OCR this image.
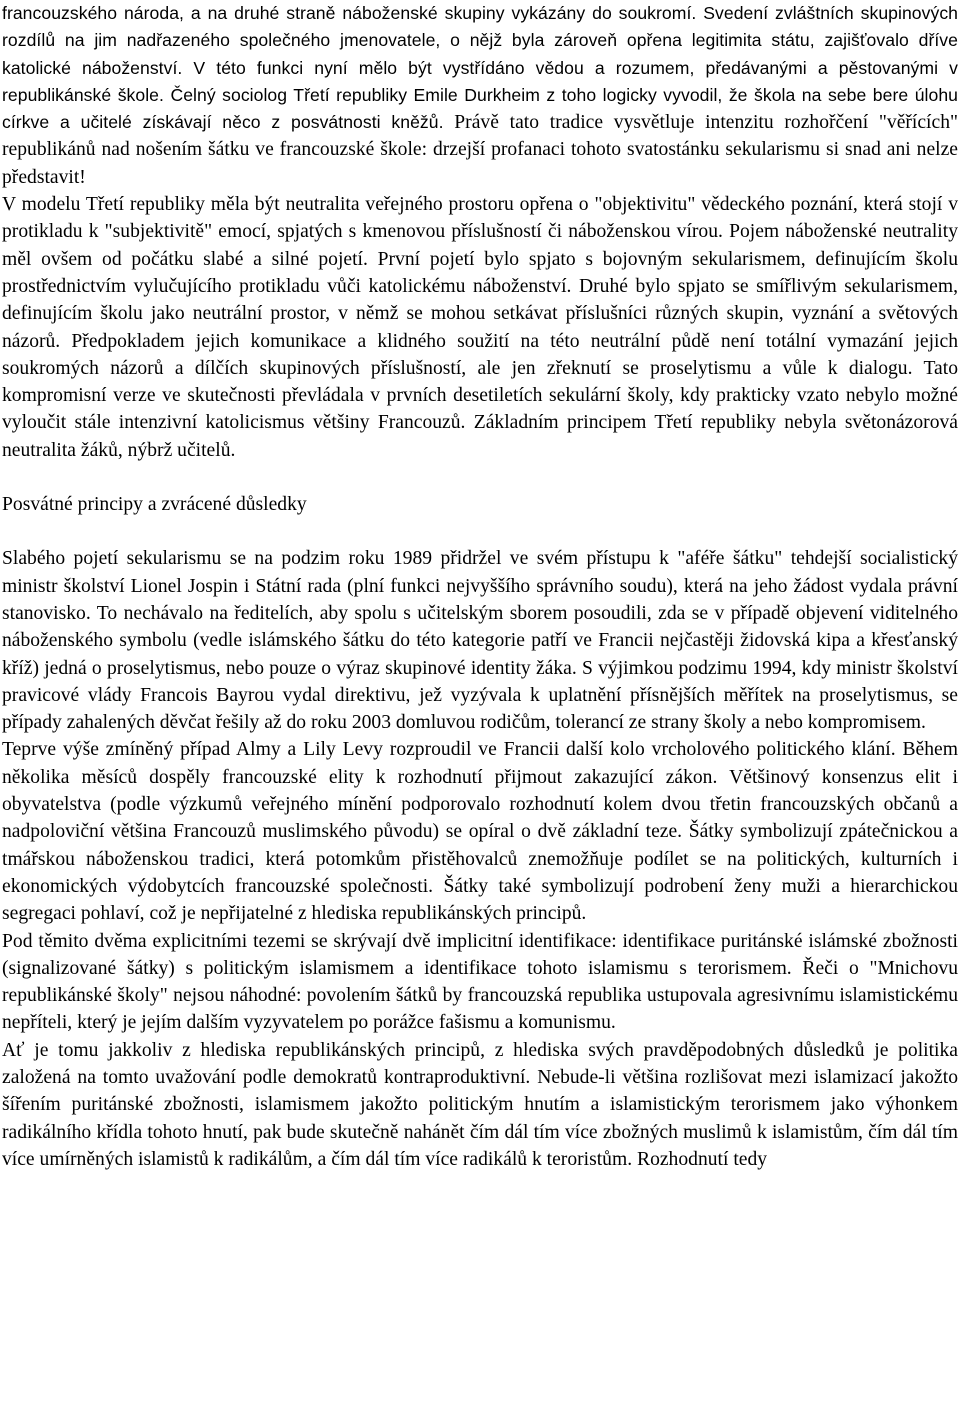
francouzského národa, a na druhé straně náboženské skupiny vykázány do soukromí. Svedení zvláštních skupinových rozdílů na jim nadřazeného společného jmenovatele, o nějž byla zároveň opřena legitimita státu, zajišťovalo dříve katolické náboženství. V této funkci nyní mělo být vystřídáno vědou a rozumem, předávanými a pěstovanými v republikánské škole. Čelný sociolog Třetí republiky Emile Durkheim z toho logicky vyvodil, že škola na sebe bere úlohu církve a učitelé získávají něco z posvátnosti kněžů. Právě tato tradice vysvětluje intenzitu rozhořčení "věřících" republikánů nad nošením šátku ve francouzské škole: drzejší profanaci tohoto svatostánku sekularismu si snad ani nelze představit!

V modelu Třetí republiky měla být neutralita veřejného prostoru opřena o "objektivitu" vědeckého poznání, která stojí v protikladu k "subjektivitě" emocí, spjatých s kmenovou příslušností či náboženskou vírou. Pojem náboženské neutrality měl ovšem od počátku slabé a silné pojetí. První pojetí bylo spjato s bojovným sekularismem, definujícím školu prostřednictvím vylučujícího protikladu vůči katolickému náboženství. Druhé bylo spjato se smířlivým sekularismem, definujícím školu jako neutrální prostor, v němž se mohou setkávat příslušníci různých skupin, vyznání a světových názorů. Předpokladem jejich komunikace a klidného soužití na této neutrální půdě není totální vymazání jejich soukromých názorů a dílčích skupinových příslušností, ale jen zřeknutí se proselytismu a vůle k dialogu. Tato kompromisní verze ve skutečnosti převládala v prvních desetiletích sekulární školy, kdy prakticky vzato nebylo možné vyloučit stále intenzivní katolicismus většiny Francouzů. Základním principem Třetí republiky nebyla světonázorová neutralita žáků, nýbrž učitelů.

Posvátné principy a zvrácené důsledky

Slabého pojetí sekularismu se na podzim roku 1989 přidržel ve svém přístupu k "aféře šátku" tehdejší socialistický ministr školství Lionel Jospin i Státní rada (plní funkci nejvyššího správního soudu), která na jeho žádost vydala právní stanovisko. To nechávalo na ředitelích, aby spolu s učitelským sborem posoudili, zda se v případě objevení viditelného náboženského symbolu (vedle islámského šátku do této kategorie patří ve Francii nejčastěji židovská kipa a křesťanský kříž) jedná o proselytismus, nebo pouze o výraz skupinové identity žáka. S výjimkou podzimu 1994, kdy ministr školství pravicové vlády Francois Bayrou vydal direktivu, jež vyzývala k uplatnění přísnějších měřítek na proselytismus, se případy zahalených děvčat řešily až do roku 2003 domluvou rodičům, tolerancí ze strany školy a nebo kompromisem.

Teprve výše zmíněný případ Almy a Lily Levy rozproudil ve Francii další kolo vrcholového politického klání. Během několika měsíců dospěly francouzské elity k rozhodnutí přijmout zakazující zákon. Většinový konsenzus elit i obyvatelstva (podle výzkumů veřejného mínění podporovalo rozhodnutí kolem dvou třetin francouzských občanů a nadpoloviční většina Francouzů muslimského původu) se opíral o dvě základní teze. Šátky symbolizují zpátečnickou a tmářskou náboženskou tradici, která potomkům přistěhovalců znemožňuje podílet se na politických, kulturních i ekonomických výdobytcích francouzské společnosti. Šátky také symbolizují podrobení ženy muži a hierarchickou segregaci pohlaví, což je nepřijatelné z hlediska republikánských principů.

Pod těmito dvěma explicitními tezemi se skrývají dvě implicitní identifikace: identifikace puritánské islámské zbožnosti (signalizované šátky) s politickým islamismem a identifikace tohoto islamismu s terorismem. Řeči o "Mnichovu republikánské školy" nejsou náhodné: povolením šátků by francouzská republika ustupovala agresivnímu islamistickému nepříteli, který je jejím dalším vyzyvatelem po porážce fašismu a komunismu.

Ať je tomu jakkoliv z hlediska republikánských principů, z hlediska svých pravděpodobných důsledků je politika založená na tomto uvažování podle demokratů kontraproduktivní. Nebude-li většina rozlišovat mezi islamizací jakožto šířením puritánské zbožnosti, islamismem jakožto politickým hnutím a islamistickým terorismem jako výhonkem radikálního křídla tohoto hnutí, pak bude skutečně nahánět čím dál tím více zbožných muslimů k islamistům, čím dál tím více umírněných islamistů k radikálům, a čím dál tím více radikálů k teroristům. Rozhodnutí tedy
